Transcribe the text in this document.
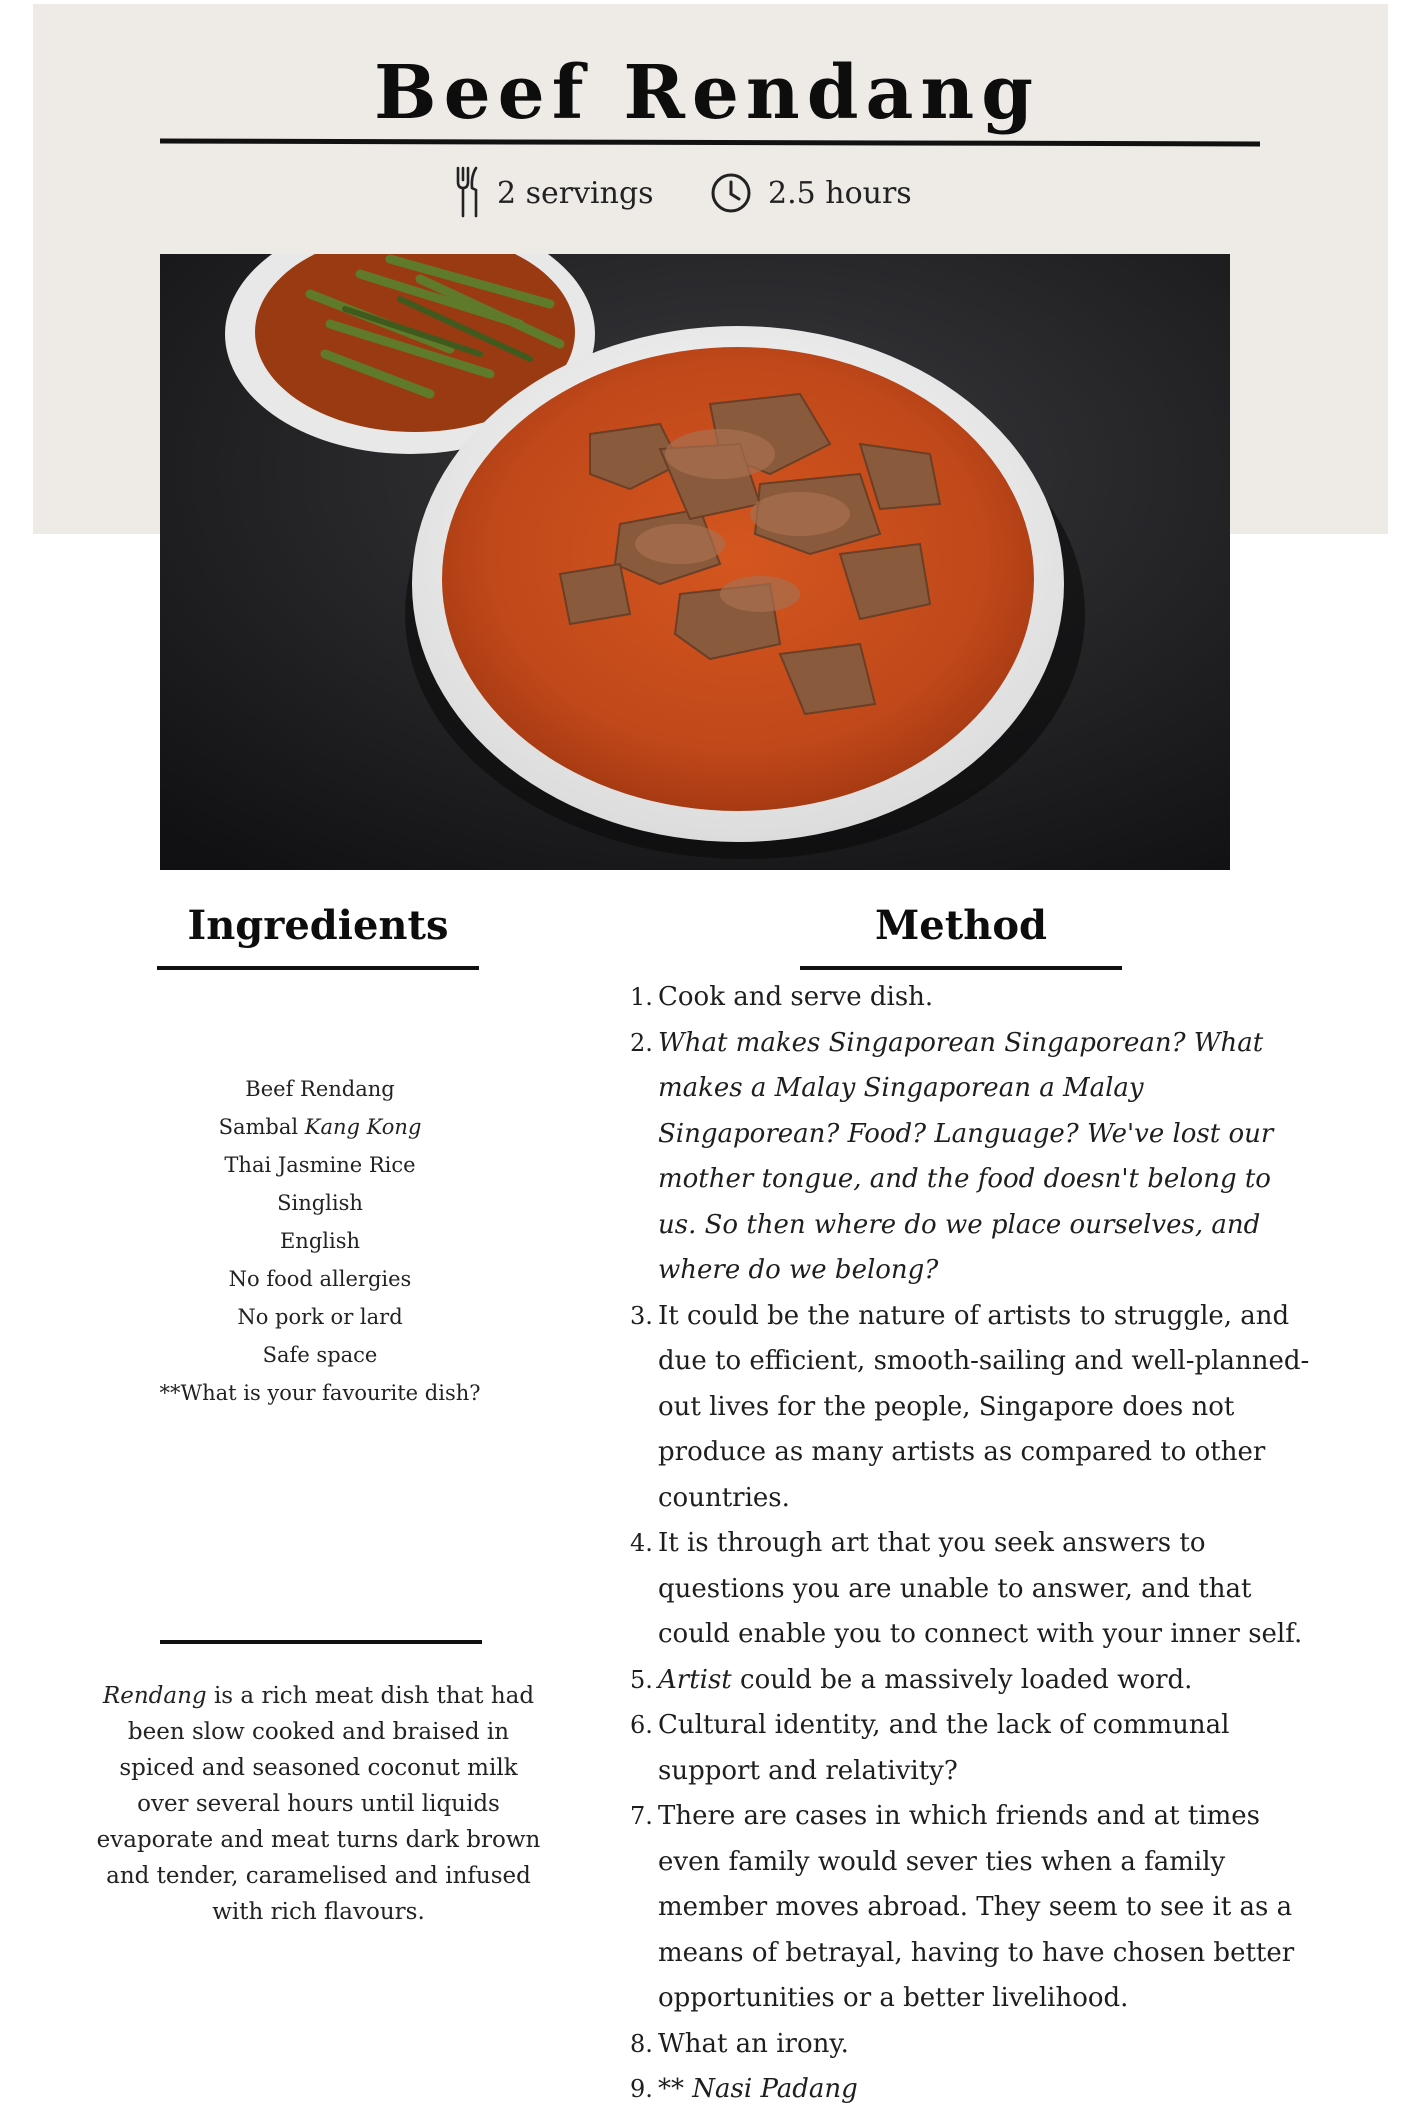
Beef Rendang
2 servings	2.5 hours
Ingredients	Method
Beef Rendang
Sambal Kang Kong
Thai Jasmine Rice
Singlish
English
No food allergies
No pork or lard
Safe space
**What is your favourite dish?

Rendang is a rich meat dish that had been slow cooked and braised in spiced and seasoned coconut milk over several hours until liquids evaporate and meat turns dark brown and tender, caramelised and infused with rich flavours.

1. Cook and serve dish.
2. What makes Singaporean Singaporean? What makes a Malay Singaporean a Malay Singaporean? Food? Language? We've lost our mother tongue, and the food doesn't belong to us. So then where do we place ourselves, and where do we belong?
3. It could be the nature of artists to struggle, and due to efficient, smooth-sailing and well-planned-out lives for the people, Singapore does not produce as many artists as compared to other countries.
4. It is through art that you seek answers to questions you are unable to answer, and that could enable you to connect with your inner self.
5. Artist could be a massively loaded word.
6. Cultural identity, and the lack of communal support and relativity?
7. There are cases in which friends and at times even family would sever ties when a family member moves abroad. They seem to see it as a means of betrayal, having to have chosen better opportunities or a better livelihood.
8. What an irony.
9. ** Nasi Padang
